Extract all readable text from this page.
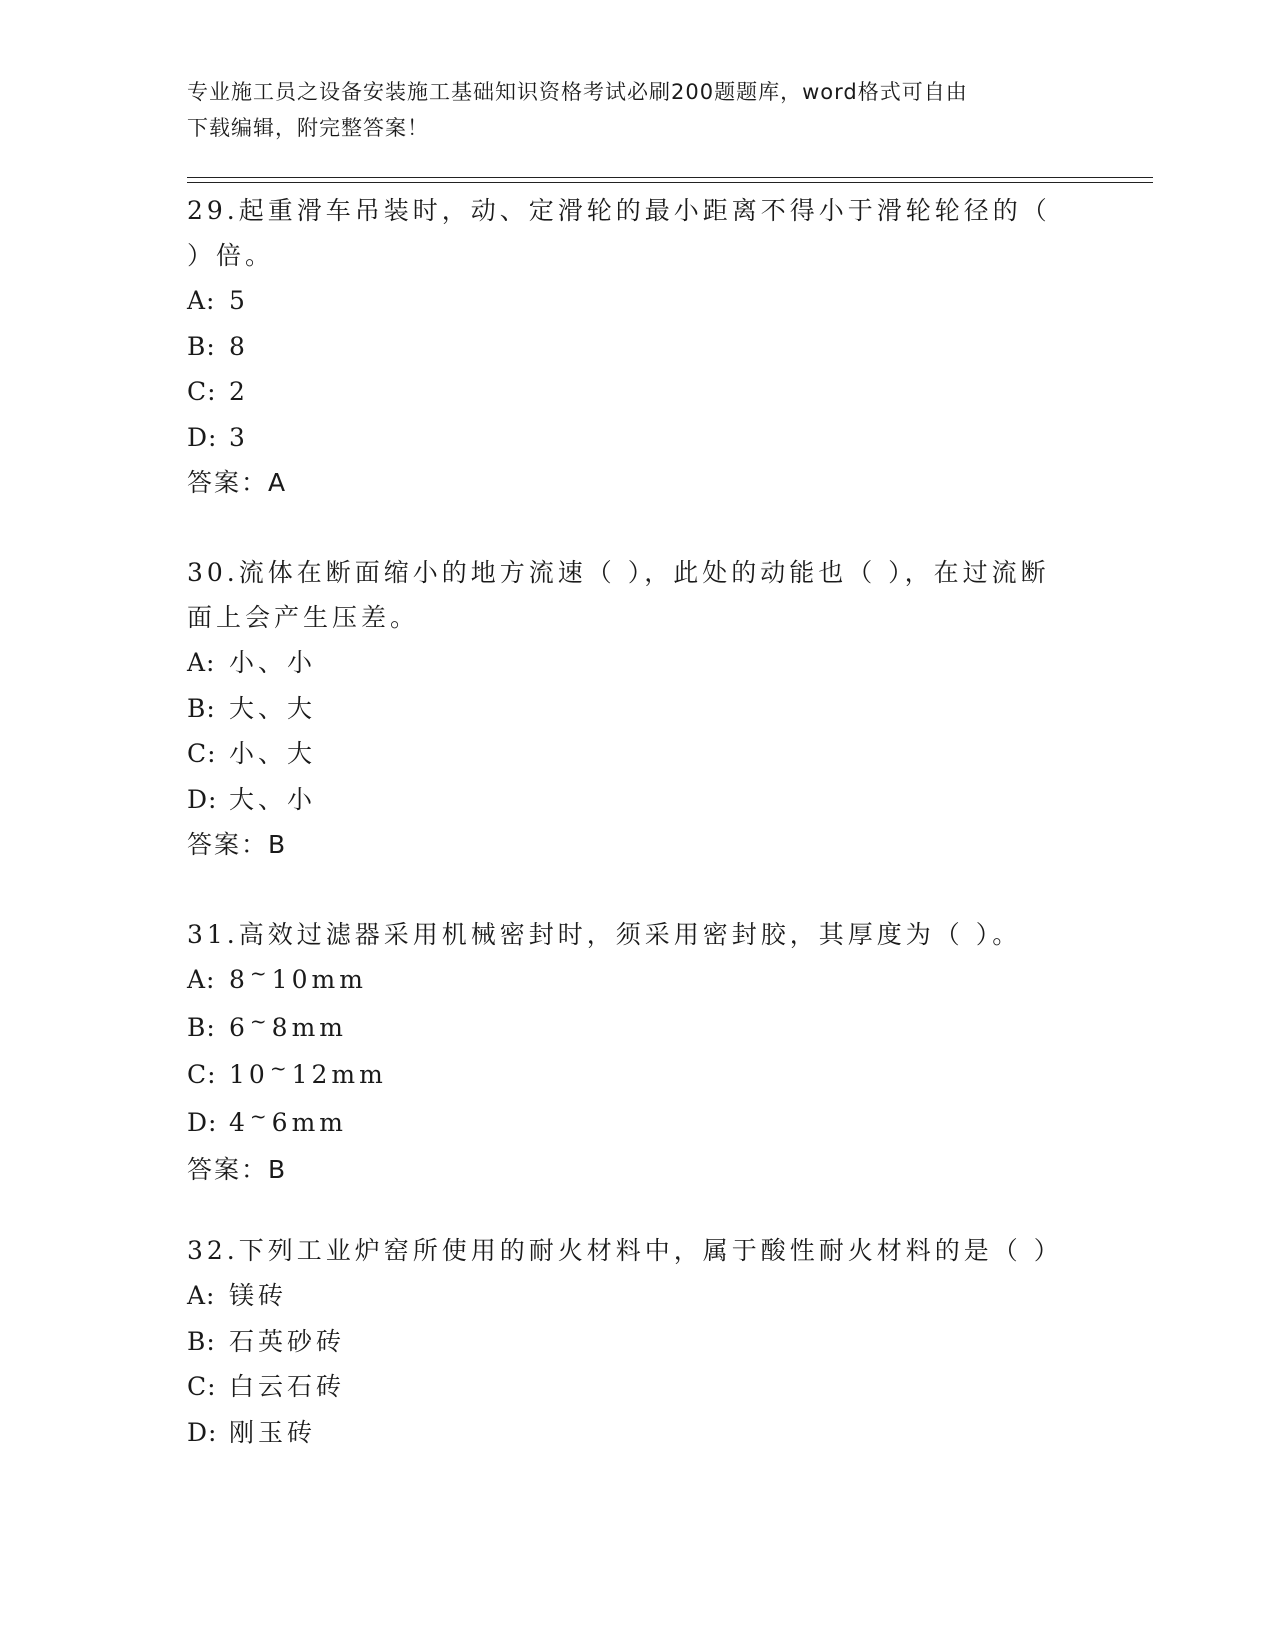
专业施工员之设备安装施工基础知识资格考试必刷200题题库，word格式可自由
下载编辑，附完整答案！
29.起重滑车吊装时，动、定滑轮的最小距离不得小于滑轮轮径的（
）倍。
A: 5
B: 8
C: 2
D: 3
答案：A
30.流体在断面缩小的地方流速（ ），此处的动能也（ ），在过流断
面上会产生压差。
A: 小、小
B: 大、大
C: 小、大
D: 大、小
答案：B
31.高效过滤器采用机械密封时，须采用密封胶，其厚度为（ ）。
A: 8~10mm
B: 6~8mm
C: 10~12mm
D: 4~6mm
答案：B
32.下列工业炉窑所使用的耐火材料中，属于酸性耐火材料的是（ ）
A: 镁砖
B: 石英砂砖
C: 白云石砖
D: 刚玉砖
